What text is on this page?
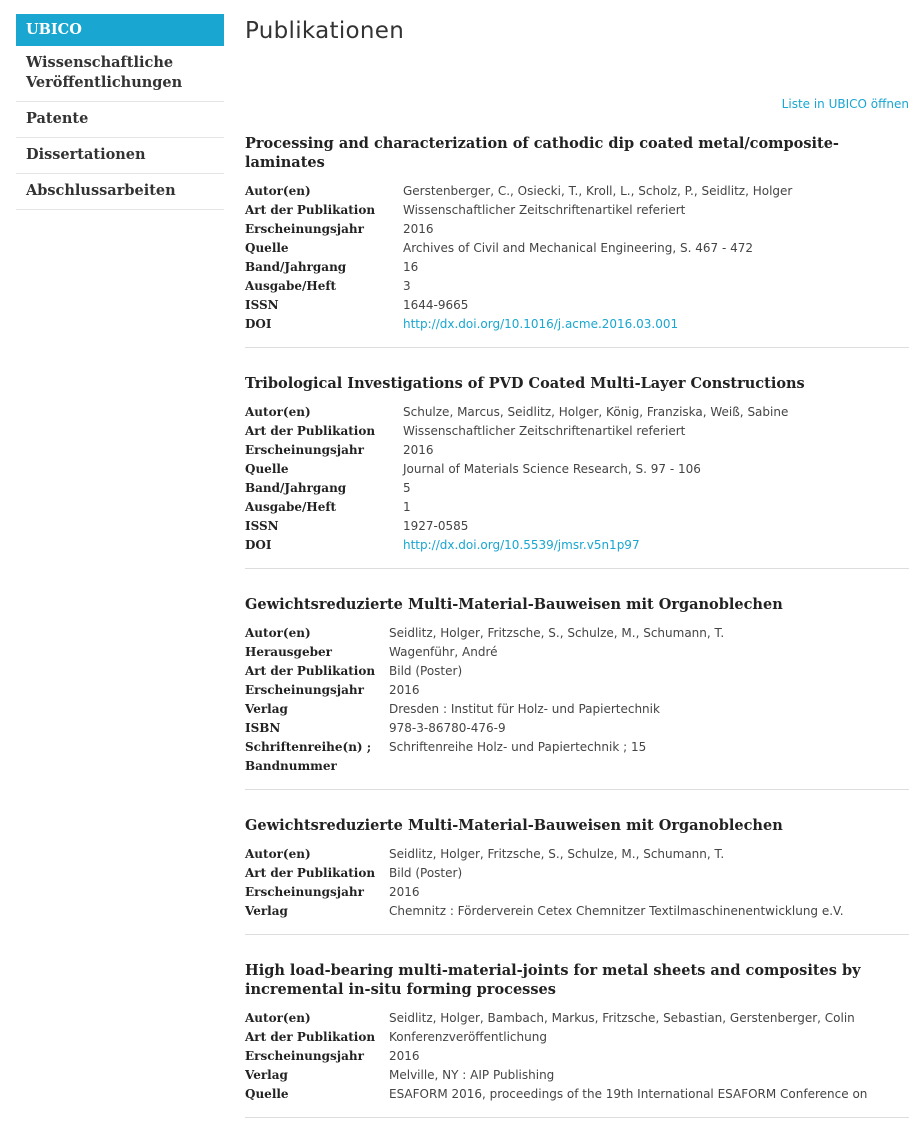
UBICO
Wissenschaftliche Veröffentlichungen
Patente
Dissertationen
Abschlussarbeiten
Publikationen
Liste in UBICO öffnen
Processing and characterization of cathodic dip coated metal/composite-laminates
Autor(en)	Gerstenberger, C., Osiecki, T., Kroll, L., Scholz, P., Seidlitz, Holger
Art der Publikation	Wissenschaftlicher Zeitschriftenartikel referiert
Erscheinungsjahr	2016
Quelle	Archives of Civil and Mechanical Engineering, S. 467 - 472
Band/Jahrgang	16
Ausgabe/Heft	3
ISSN	1644-9665
DOI	http://dx.doi.org/10.1016/j.acme.2016.03.001
Tribological Investigations of PVD Coated Multi-Layer Constructions
Autor(en)	Schulze, Marcus, Seidlitz, Holger, König, Franziska, Weiß, Sabine
Art der Publikation	Wissenschaftlicher Zeitschriftenartikel referiert
Erscheinungsjahr	2016
Quelle	Journal of Materials Science Research, S. 97 - 106
Band/Jahrgang	5
Ausgabe/Heft	1
ISSN	1927-0585
DOI	http://dx.doi.org/10.5539/jmsr.v5n1p97
Gewichtsreduzierte Multi-Material-Bauweisen mit Organoblechen
Autor(en)	Seidlitz, Holger, Fritzsche, S., Schulze, M., Schumann, T.
Herausgeber	Wagenführ, André
Art der Publikation	Bild (Poster)
Erscheinungsjahr	2016
Verlag	Dresden : Institut für Holz- und Papiertechnik
ISBN	978-3-86780-476-9
Schriftenreihe(n) ;	Schriftenreihe Holz- und Papiertechnik ; 15
Bandnummer
Gewichtsreduzierte Multi-Material-Bauweisen mit Organoblechen
Autor(en)	Seidlitz, Holger, Fritzsche, S., Schulze, M., Schumann, T.
Art der Publikation	Bild (Poster)
Erscheinungsjahr	2016
Verlag	Chemnitz : Förderverein Cetex Chemnitzer Textilmaschinenentwicklung e.V.
High load-bearing multi-material-joints for metal sheets and composites by incremental in-situ forming processes
Autor(en)	Seidlitz, Holger, Bambach, Markus, Fritzsche, Sebastian, Gerstenberger, Colin
Art der Publikation	Konferenzveröffentlichung
Erscheinungsjahr	2016
Verlag	Melville, NY : AIP Publishing
Quelle	ESAFORM 2016, proceedings of the 19th International ESAFORM Conference on
